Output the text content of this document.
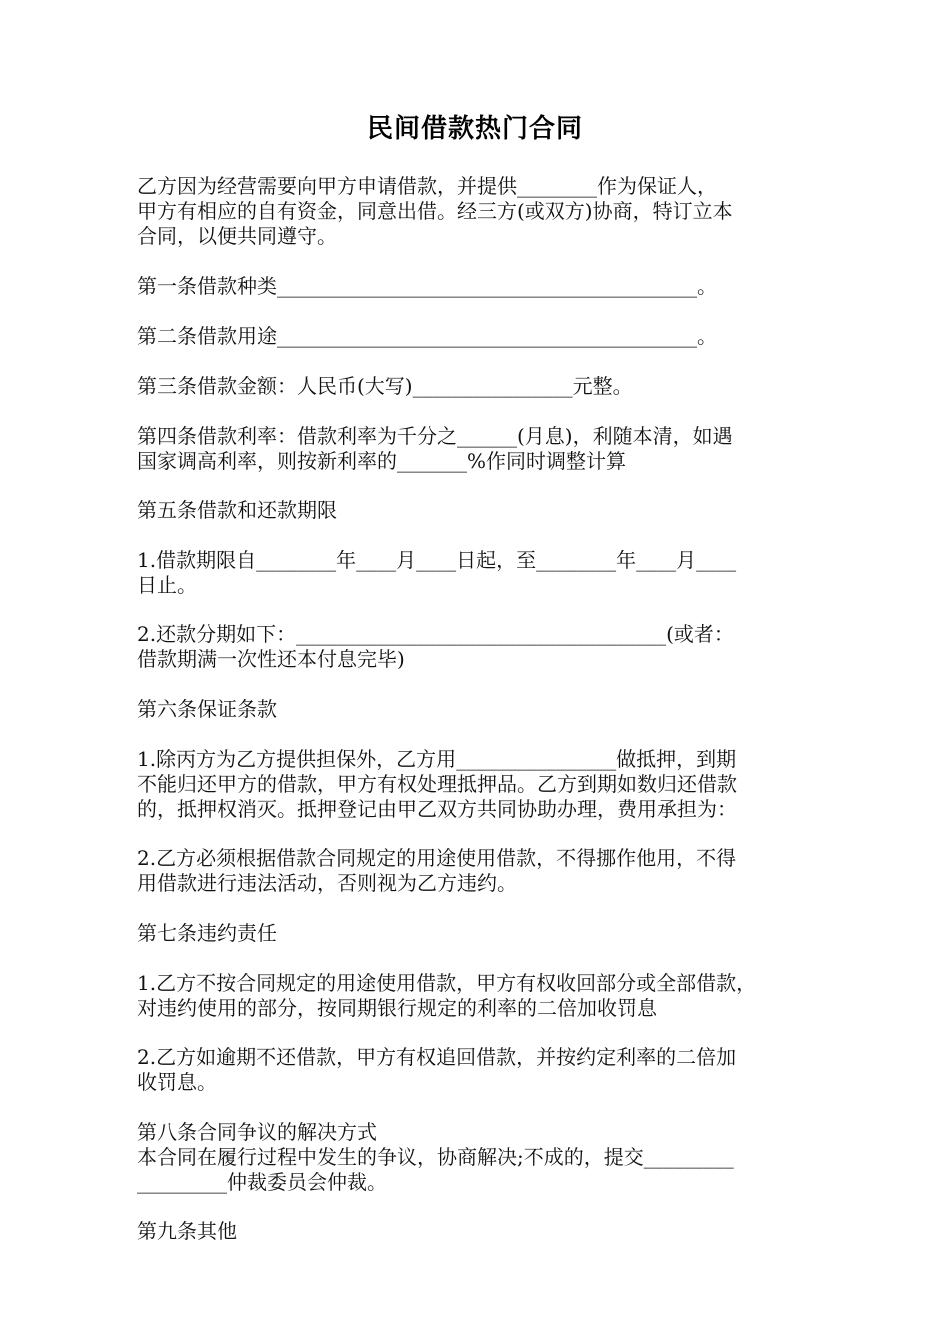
民间借款热门合同
乙方因为经营需要向甲方申请借款，并提供________作为保证人，
甲方有相应的自有资金，同意出借。经三方(或双方)协商，特订立本
合同，以便共同遵守。
第一条借款种类__________________________________________。
第二条借款用途__________________________________________。
第三条借款金额：人民币(大写)________________元整。
第四条借款利率：借款利率为千分之______(月息)，利随本清，如遇
国家调高利率，则按新利率的_______%作同时调整计算
第五条借款和还款期限
1.借款期限自________年____月____日起，至________年____月____
日止。
2.还款分期如下：_____________________________________(或者：
借款期满一次性还本付息完毕)
第六条保证条款
1.除丙方为乙方提供担保外，乙方用________________做抵押，到期
不能归还甲方的借款，甲方有权处理抵押品。乙方到期如数归还借款
的，抵押权消灭。抵押登记由甲乙双方共同协助办理，费用承担为：
2.乙方必须根据借款合同规定的用途使用借款，不得挪作他用，不得
用借款进行违法活动，否则视为乙方违约。
第七条违约责任
1.乙方不按合同规定的用途使用借款，甲方有权收回部分或全部借款，
对违约使用的部分，按同期银行规定的利率的二倍加收罚息
2.乙方如逾期不还借款，甲方有权追回借款，并按约定利率的二倍加
收罚息。
第八条合同争议的解决方式
本合同在履行过程中发生的争议，协商解决;不成的，提交_________
_________仲裁委员会仲裁。
第九条其他
